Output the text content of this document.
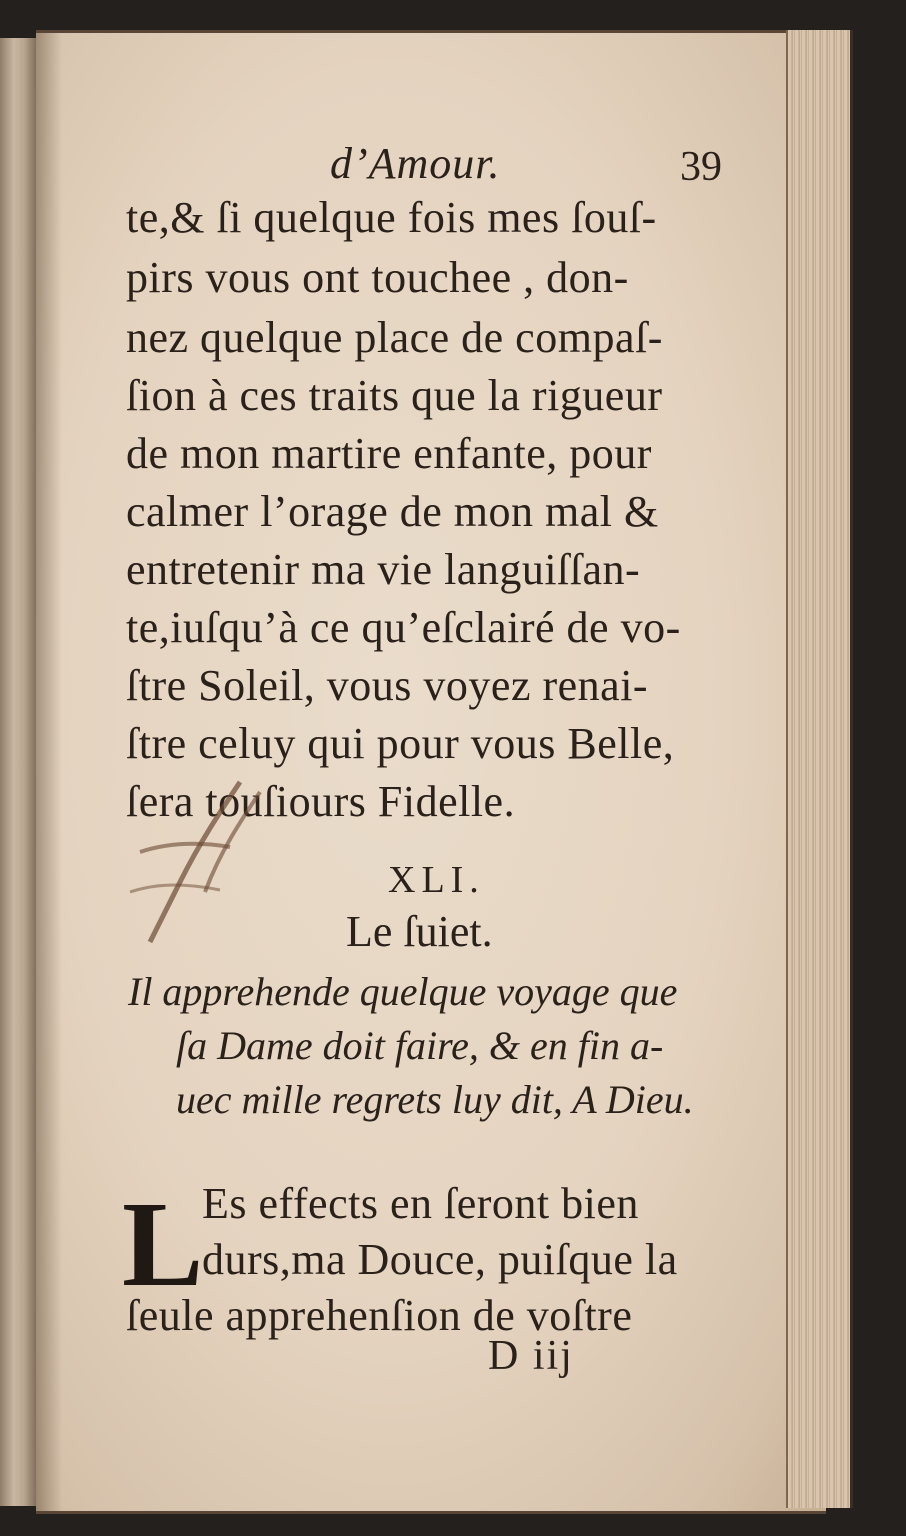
d’Amour.	39
te,& ſi quelque fois mes ſouſ-
pirs vous ont touchee , don-
nez quelque place de compaſ-
ſion à ces traits que la rigueur
de mon martire enfante, pour
calmer l’orage de mon mal &
entretenir ma vie languiſſan-
te,iuſqu’à ce qu’eſclairé de vo-
ſtre Soleil, vous voyez renai-
ſtre celuy qui pour vous Belle,
ſera touſiours Fidelle.
XLI.
Le ſuiet.
Il apprehende quelque voyage que
ſa Dame doit faire, & en fin a-
uec mille regrets luy dit, A Dieu.
L
Es effects en ſeront bien
durs,ma Douce, puiſque la
ſeule apprehenſion de voſtre
D iij
